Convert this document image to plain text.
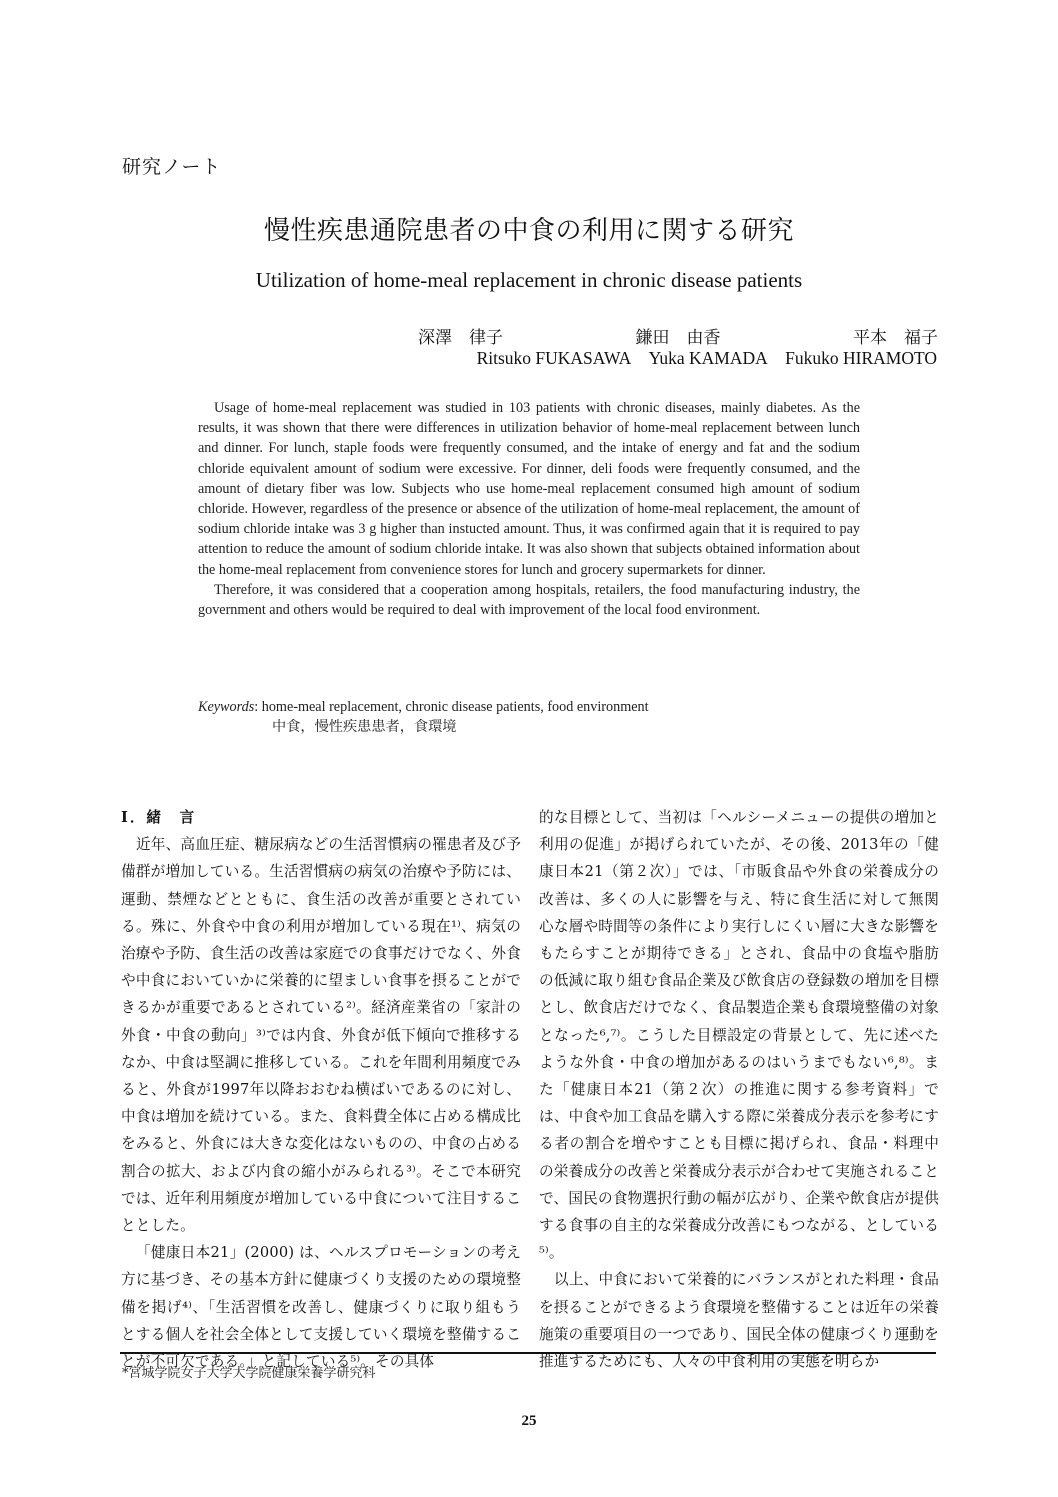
研究ノート
慢性疾患通院患者の中食の利用に関する研究
Utilization of home-meal replacement in chronic disease patients
深澤　律子	鎌田　由香	平本　福子
Ritsuko FUKASAWA Yuka KAMADA Fukuko HIRAMOTO

Usage of home-meal replacement was studied in 103 patients with chronic diseases, mainly diabetes. As the results, it was shown that there were differences in utilization behavior of home-meal replacement between lunch and dinner. For lunch, staple foods were frequently consumed, and the intake of energy and fat and the sodium chloride equivalent amount of sodium were excessive. For dinner, deli foods were frequently consumed, and the amount of dietary fiber was low. Subjects who use home-meal replacement consumed high amount of sodium chloride. However, regardless of the presence or absence of the utilization of home-meal replacement, the amount of sodium chloride intake was 3 g higher than instucted amount. Thus, it was confirmed again that it is required to pay attention to reduce the amount of sodium chloride intake. It was also shown that subjects obtained information about the home-meal replacement from convenience stores for lunch and grocery supermarkets for dinner.

Therefore, it was considered that a cooperation among hospitals, retailers, the food manufacturing industry, the government and others would be required to deal with improvement of the local food environment.

Keywords: home-meal replacement, chronic disease patients, food environment
中食，慢性疾患患者，食環境

Ⅰ．緒　言

近年、高血圧症、糖尿病などの生活習慣病の罹患者及び予備群が増加している。生活習慣病の病気の治療や予防には、運動、禁煙などとともに、食生活の改善が重要とされている。殊に、外食や中食の利用が増加している現在¹⁾、病気の治療や予防、食生活の改善は家庭での食事だけでなく、外食や中食においていかに栄養的に望ましい食事を摂ることができるかが重要であるとされている²⁾。経済産業省の「家計の外食・中食の動向」³⁾では内食、外食が低下傾向で推移するなか、中食は堅調に推移している。これを年間利用頻度でみると、外食が1997年以降おおむね横ばいであるのに対し、中食は増加を続けている。また、食料費全体に占める構成比をみると、外食には大きな変化はないものの、中食の占める割合の拡大、および内食の縮小がみられる³⁾。そこで本研究では、近年利用頻度が増加している中食について注目することとした。

「健康日本21」(2000) は、ヘルスプロモーションの考え方に基づき、その基本方針に健康づくり支援のための環境整備を掲げ⁴⁾、「生活習慣を改善し、健康づくりに取り組もうとする個人を社会全体として支援していく環境を整備することが不可欠である。」と記している⁵⁾。その具体

的な目標として、当初は「ヘルシーメニューの提供の増加と利用の促進」が掲げられていたが、その後、2013年の「健康日本21（第２次）」では、「市販食品や外食の栄養成分の改善は、多くの人に影響を与え、特に食生活に対して無関心な層や時間等の条件により実行しにくい層に大きな影響をもたらすことが期待できる」とされ、食品中の食塩や脂肪の低減に取り組む食品企業及び飲食店の登録数の増加を目標とし、飲食店だけでなく、食品製造企業も食環境整備の対象となった⁶,⁷⁾。こうした目標設定の背景として、先に述べたような外食・中食の増加があるのはいうまでもない⁶,⁸⁾。また「健康日本21（第２次）の推進に関する参考資料」では、中食や加工食品を購入する際に栄養成分表示を参考にする者の割合を増やすことも目標に掲げられ、食品・料理中の栄養成分の改善と栄養成分表示が合わせて実施されることで、国民の食物選択行動の幅が広がり、企業や飲食店が提供する食事の自主的な栄養成分改善にもつながる、としている⁵⁾。

以上、中食において栄養的にバランスがとれた料理・食品を摂ることができるよう食環境を整備することは近年の栄養施策の重要項目の一つであり、国民全体の健康づくり運動を推進するためにも、人々の中食利用の実態を明らか

*宮城学院女子大学大学院健康栄養学研究科
25
